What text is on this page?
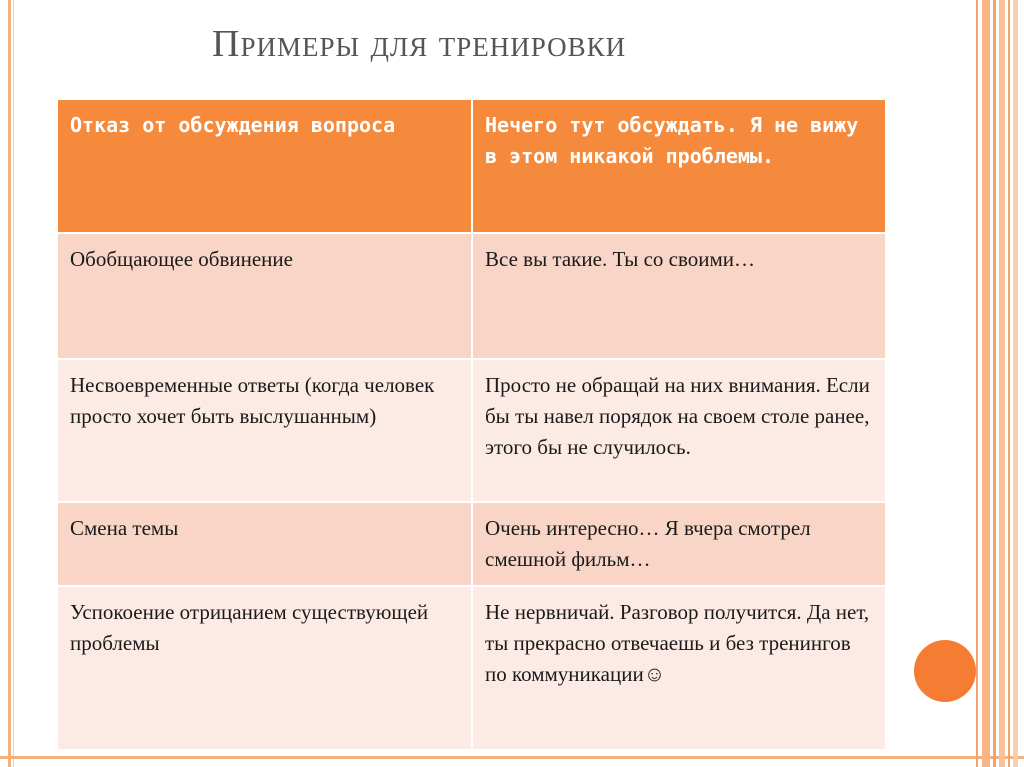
Примеры для тренировки
Отказ от обсуждения вопроса	Нечего тут обсуждать. Я не вижу в этом никакой проблемы.
Обобщающее обвинение	Все вы такие. Ты со своими…
Несвоевременные ответы (когда человек просто хочет быть выслушанным)	Просто не обращай на них внимания. Если бы ты навел порядок на своем столе ранее, этого бы не случилось.
Смена темы	Очень интересно… Я вчера смотрел смешной фильм…
Успокоение отрицанием существующей проблемы	Не нервничай. Разговор получится. Да нет, ты прекрасно отвечаешь и без тренингов по коммуникации☺
